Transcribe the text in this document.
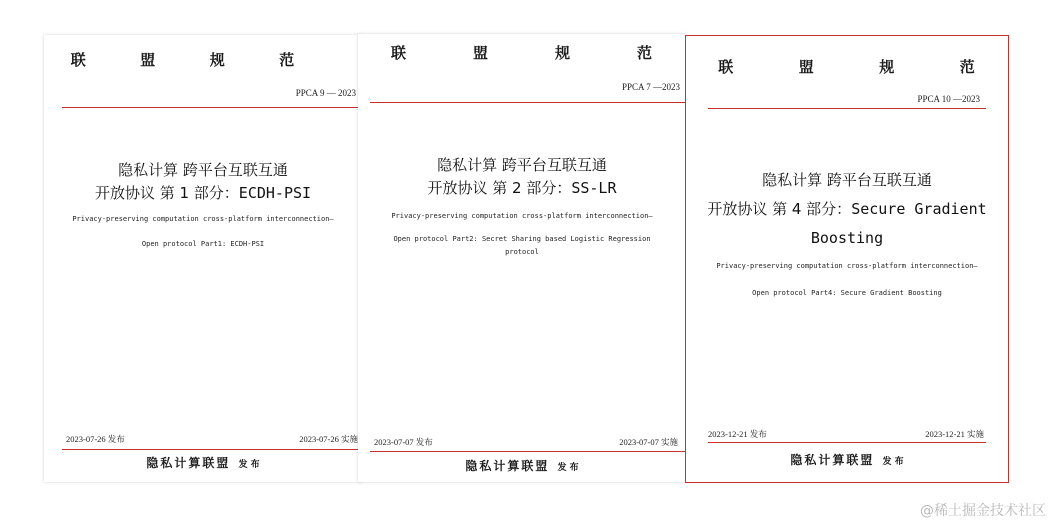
联	盟	规	范
PPCA 9 — 2023
隐私计算 跨平台互联互通
开放协议 第 1 部分：ECDH-PSI
Privacy-preserving computation cross-platform interconnection—
Open protocol Part1: ECDH-PSI
2023-07-26 发布	2023-07-26 实施
隐私计算联盟 发 布
联	盟	规	范
PPCA 7 —2023
隐私计算 跨平台互联互通
开放协议 第 2 部分：SS-LR
Privacy-preserving computation cross-platform interconnection—
Open protocol Part2: Secret Sharing based Logistic Regression
protocol
2023-07-07 发布	2023-07-07 实施
隐私计算联盟 发 布
联	盟	规	范
PPCA 10 —2023
隐私计算 跨平台互联互通
开放协议 第 4 部分：Secure Gradient
Boosting
Privacy-preserving computation cross-platform interconnection—
Open protocol Part4: Secure Gradient Boosting
2023-12-21 发布	2023-12-21 实施
隐私计算联盟 发 布
@稀土掘金技术社区
